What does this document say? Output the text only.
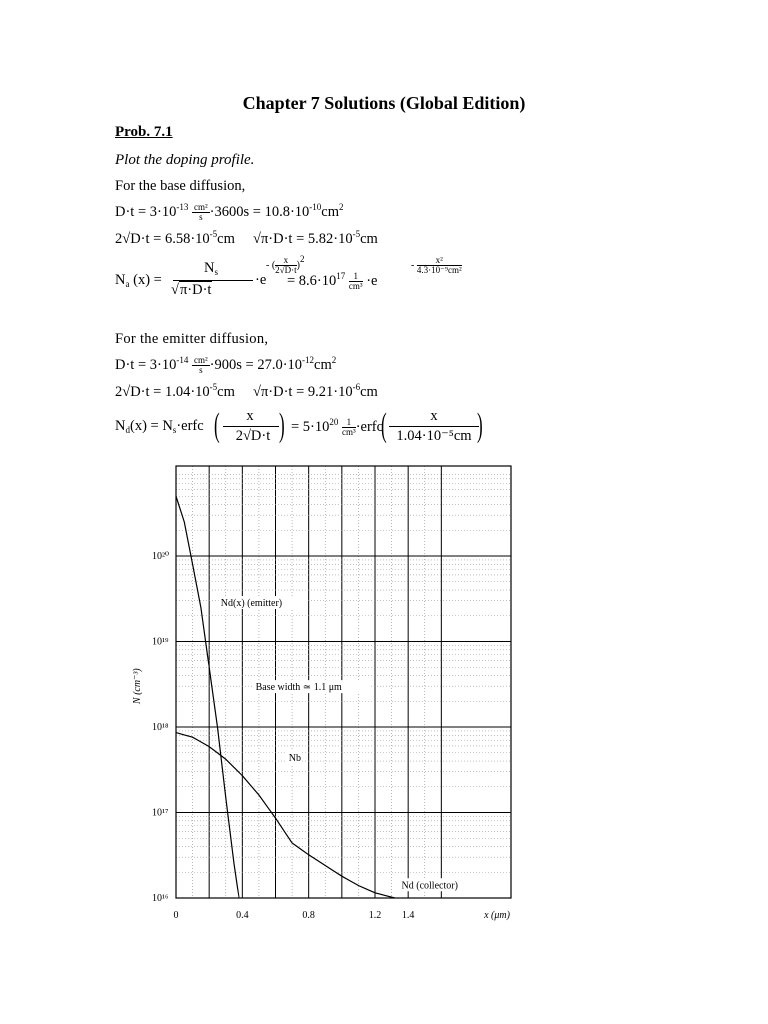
Chapter 7 Solutions (Global Edition)
Prob. 7.1
Plot the doping profile.
For the base diffusion,
$D\cdot t = 3\cdot 10^{-13} \frac{\text{cm²}}{s} \cdot 3600s = 10.8\cdot 10^{-10}cm^2$
$2√D\cdot t = 6.58\cdot 10^{-5}cm$ $√\pi\cdot D\cdot t = 5.82\cdot 10^{-5}cm$
$N_a$ (x) =
$N_s$
√π·D·t
·e
- ( $\frac{x}{2√D\cdot t} )^2$
= $8.6\cdot 10^{17} \frac{1}{\text{cm³}} \cdot e$
- $\frac{\text{x²}}{\text{4.3·10⁻⁹cm²}}$
For the emitter diffusion,
$D\cdot t = 3\cdot 10^{-14} \frac{\text{cm²}}{s} \cdot 900s = 27.0\cdot 10^{-12}cm^2$
$2√D\cdot t = 1.04\cdot 10^{-5}cm$ $√\pi\cdot D\cdot t = 9.21\cdot 10^{-6}cm$
$N_d(x)$ = $N_s\cdot erfc$ (	x
2√D·t ) = $5\cdot 10^{20} \frac{1}{\text{cm³}}$ ·erfc
(	x
1.04·10⁻⁵cm )
10²⁰
10¹⁹
10¹⁸
10¹⁷
10¹⁶
0	0.4	0.8	1.2 1.4	x (μm)
N (cm⁻³)
Nd(x) (emitter)
Base width ≃ 1.1 μm
Nb
Nd (collector)
